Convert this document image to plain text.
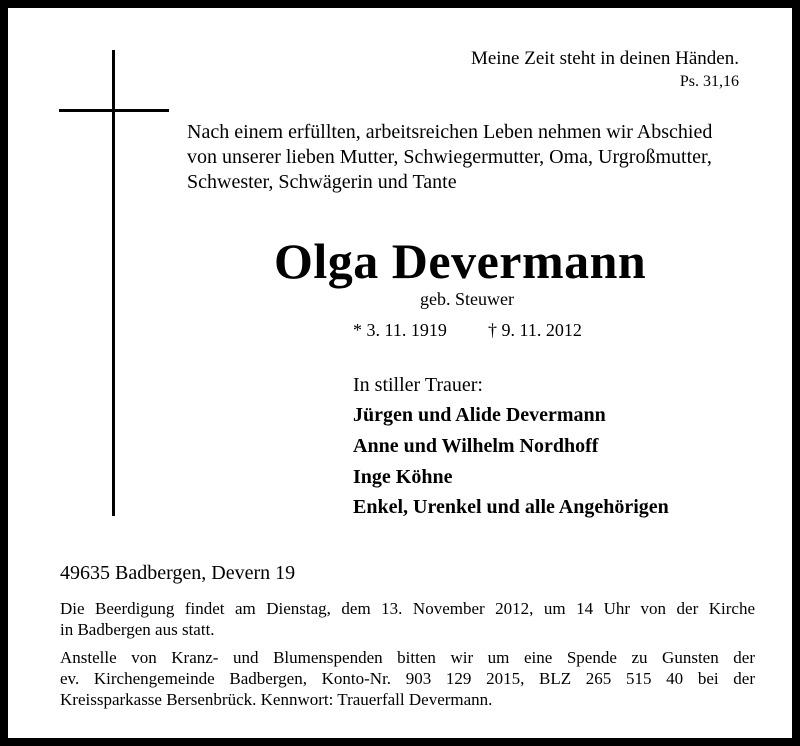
Meine Zeit steht in deinen Händen.
Ps. 31,16
Nach einem erfüllten, arbeitsreichen Leben nehmen wir Abschied
von unserer lieben Mutter, Schwiegermutter, Oma, Urgroßmutter,
Schwester, Schwägerin und Tante
Olga Devermann
geb. Steuwer
* 3. 11. 1919 † 9. 11. 2012
In stiller Trauer:
Jürgen und Alide Devermann
Anne und Wilhelm Nordhoff
Inge Köhne
Enkel, Urenkel und alle Angehörigen
49635 Badbergen, Devern 19
Die Beerdigung findet am Dienstag, dem 13. November 2012, um 14 Uhr von der Kirche
in Badbergen aus statt.
Anstelle von Kranz- und Blumenspenden bitten wir um eine Spende zu Gunsten der
ev. Kirchengemeinde Badbergen, Konto-Nr. 903 129 2015, BLZ 265 515 40 bei der
Kreissparkasse Bersenbrück. Kennwort: Trauerfall Devermann.
